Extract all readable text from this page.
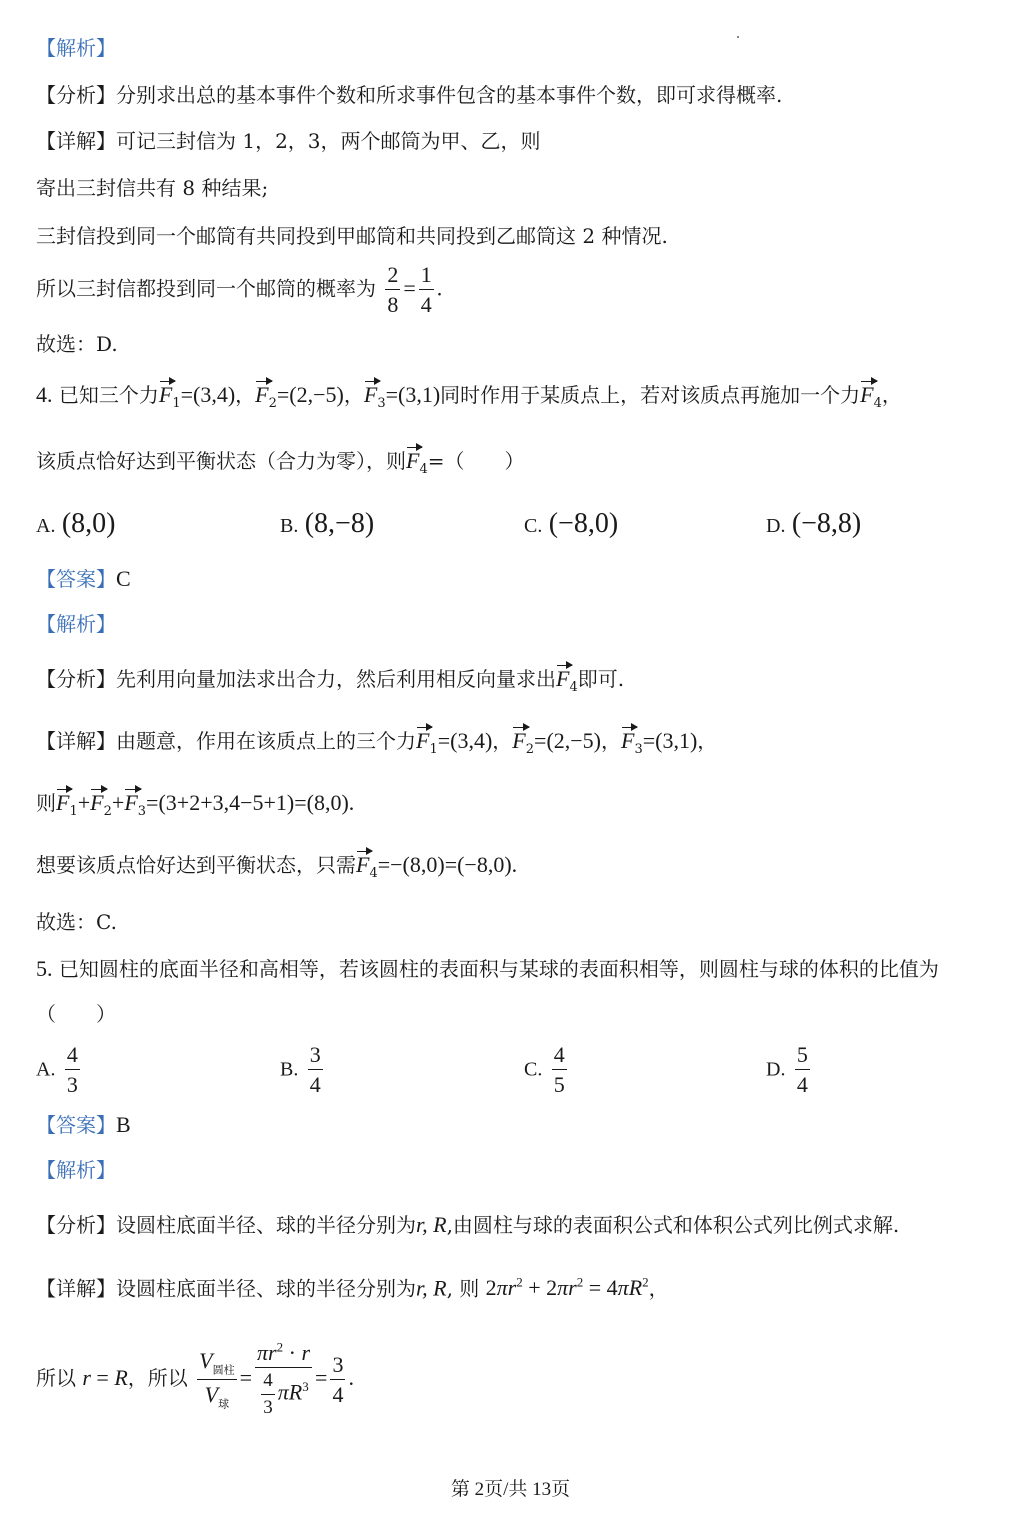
【解析】
【分析】分别求出总的基本事件个数和所求事件包含的基本事件个数，即可求得概率.
【详解】可记三封信为 1，2，3，两个邮筒为甲、乙，则
寄出三封信共有 8 种结果;
三封信投到同一个邮筒有共同投到甲邮筒和共同投到乙邮筒这 2 种情况.
所以三封信都投到同一个邮筒的概率为 $\frac{2}{8} = \frac{1}{4}$ .
故选：D.
4. 已知三个力$F_1=(3,4)$，$F_2=(2,-5)$，$F_3=(3,1)$同时作用于某质点上，若对该质点再施加一个力$F_4$，
该质点恰好达到平衡状态（合力为零），则$F_4=$（　　）
A. (8,0)	B. (8,−8)	C. (−8,0)	D. (−8,8)
【答案】C
【解析】
【分析】先利用向量加法求出合力，然后利用相反向量求出$F_4$即可.
【详解】由题意，作用在该质点上的三个力$F_1=(3,4)$，$F_2=(2,-5)$，$F_3=(3,1)$，
则$F_1+F_2+F_3=(3+2+3,4-5+1)=(8,0)$.
想要该质点恰好达到平衡状态，只需$F_4=-(8,0)=(-8,0)$.
故选：C.
5. 已知圆柱的底面半径和高相等，若该圆柱的表面积与某球的表面积相等，则圆柱与球的体积的比值为
（　　）
A. $\frac{4}{3}$	B. $\frac{3}{4}$	C. $\frac{4}{5}$	D. $\frac{5}{4}$
【答案】B
【解析】
【分析】设圆柱底面半径、球的半径分别为r, R,由圆柱与球的表面积公式和体积公式列比例式求解.
【详解】设圆柱底面半径、球的半径分别为r, R, 则 $2\pi r^2 + 2\pi r^2 = 4\pi R^2$，
所以 r = R，所以 $\frac{V_{圆柱}}{V_球} = \frac{\pi r^2 \cdot r}{\frac{4}{3} \pi R^3} = \frac{3}{4}$ .
第 2页/共 13页
